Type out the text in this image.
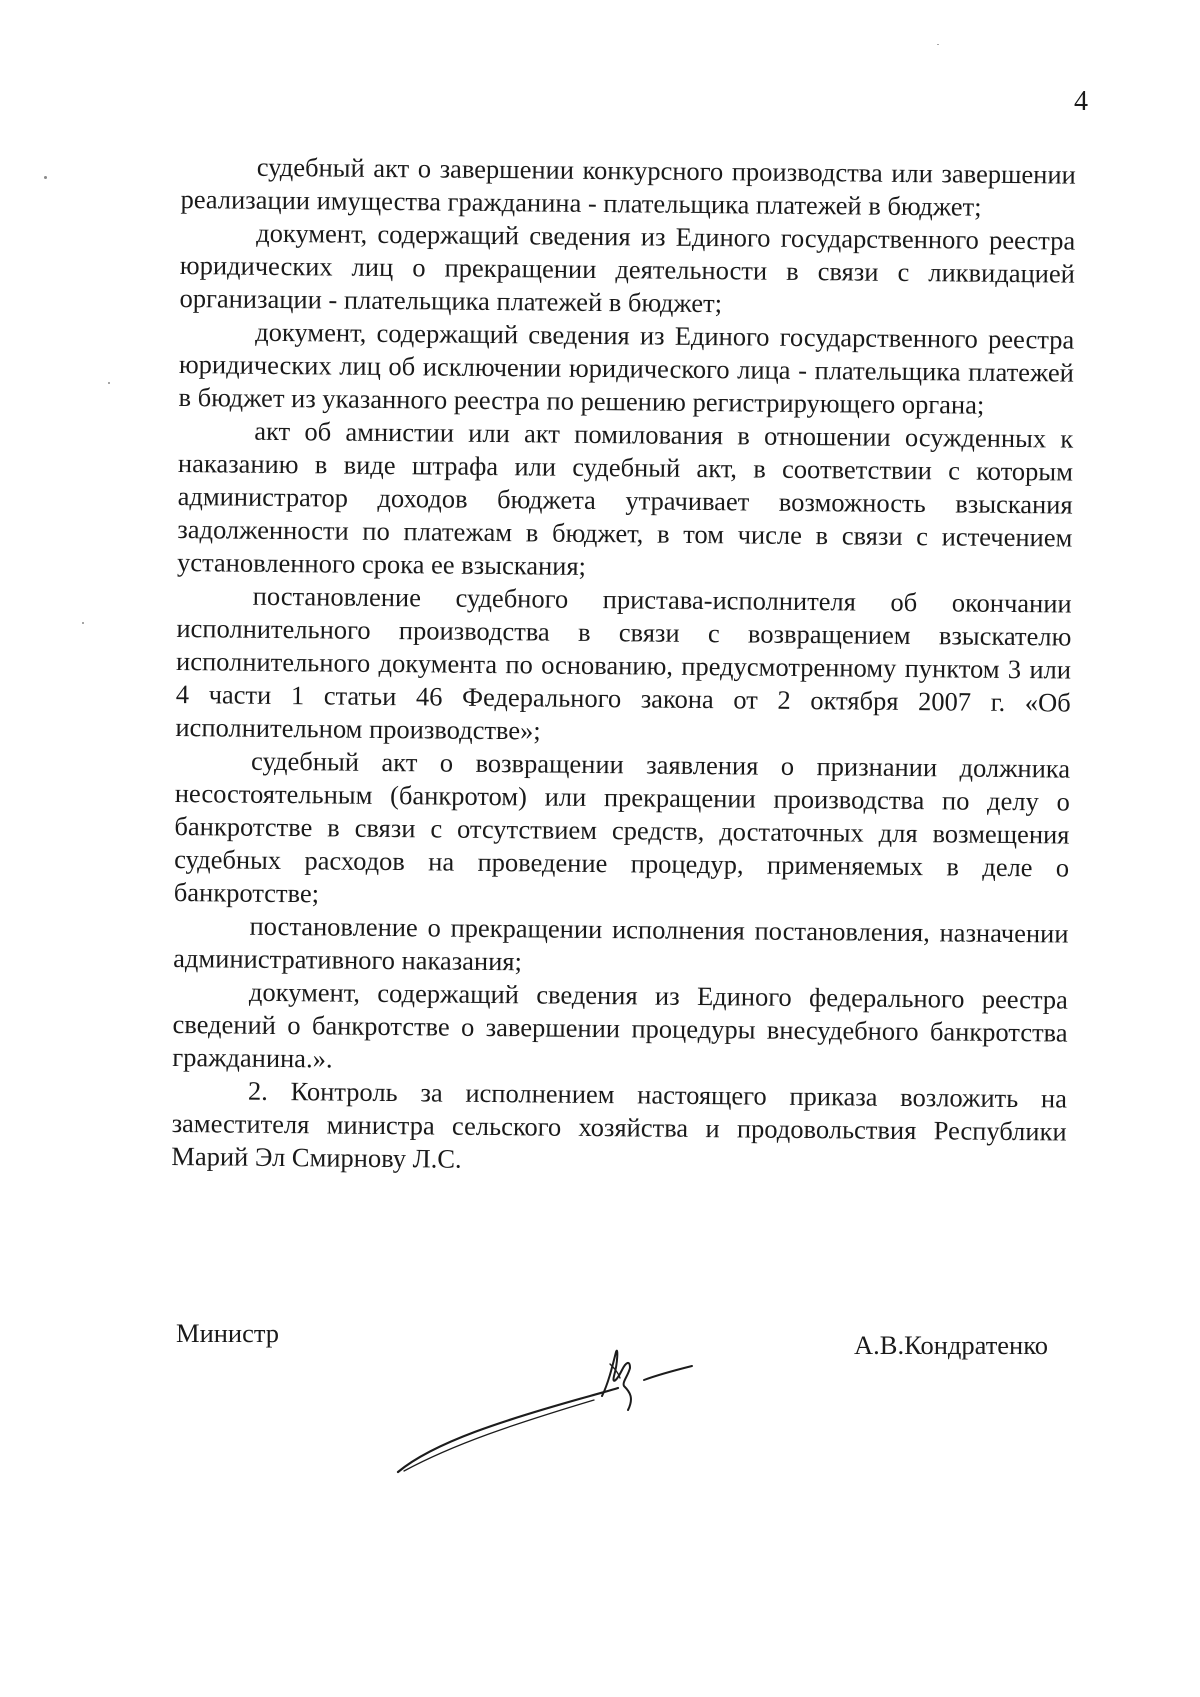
4

судебный акт о завершении конкурсного производства или завершении реализации имущества гражданина - плательщика платежей в бюджет;

документ, содержащий сведения из Единого государственного реестра юридических лиц о прекращении деятельности в связи с ликвидацией организации - плательщика платежей в бюджет;

документ, содержащий сведения из Единого государственного реестра юридических лиц об исключении юридического лица - плательщика платежей в бюджет из указанного реестра по решению регистрирующего органа;

акт об амнистии или акт помилования в отношении осужденных к наказанию в виде штрафа или судебный акт, в соответствии с которым администратор доходов бюджета утрачивает возможность взыскания задолженности по платежам в бюджет, в том числе в связи с истечением установленного срока ее взыскания;

постановление судебного пристава-исполнителя об окончании исполнительного производства в связи с возвращением взыскателю исполнительного документа по основанию, предусмотренному пунктом 3 или 4 части 1 статьи 46 Федерального закона от 2 октября 2007 г. «Об исполнительном производстве»;

судебный акт о возвращении заявления о признании должника несостоятельным (банкротом) или прекращении производства по делу о банкротстве в связи с отсутствием средств, достаточных для возмещения судебных расходов на проведение процедур, применяемых в деле о банкротстве;

постановление о прекращении исполнения постановления, назначении административного наказания;

документ, содержащий сведения из Единого федерального реестра сведений о банкротстве о завершении процедуры внесудебного банкротства гражданина.».

2. Контроль за исполнением настоящего приказа возложить на заместителя министра сельского хозяйства и продовольствия Республики Марий Эл Смирнову Л.С.

Министр	А.В.Кондратенко
